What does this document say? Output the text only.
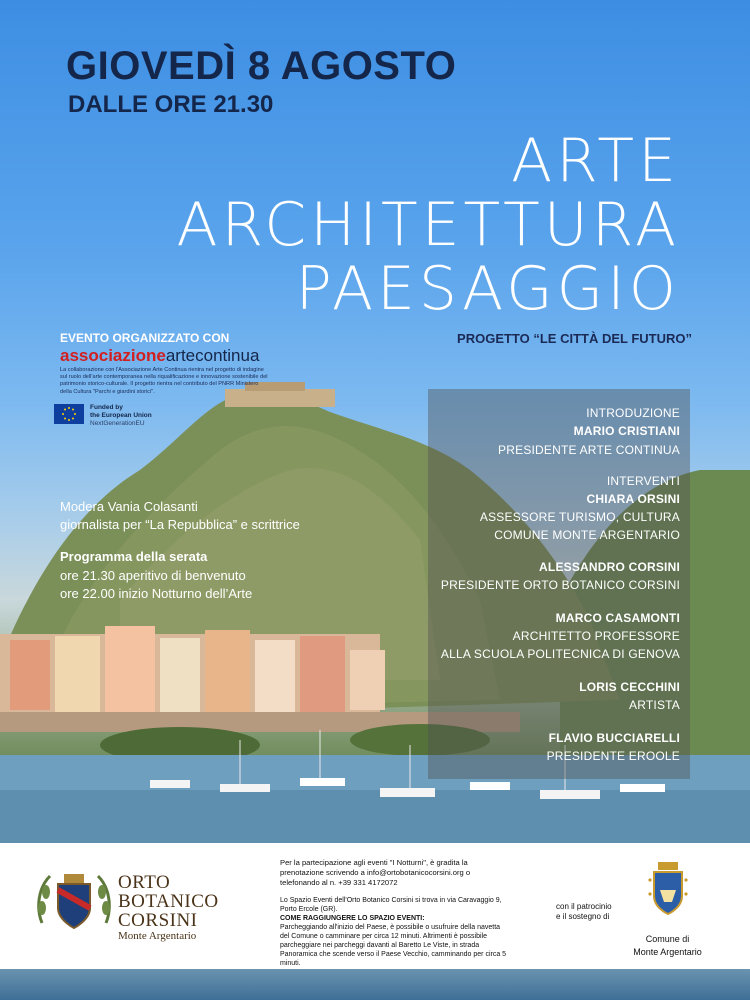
GIOVEDÌ 8 AGOSTO
DALLE ORE 21.30
ARTE
ARCHITETTURA
PAESAGGIO
PROGETTO “LE CITTÀ DEL FUTURO”
EVENTO ORGANIZZATO CON
associazioneartecontinua
La collaborazione con l'Associazione Arte Continua rientra nel progetto di indagine sul ruolo dell'arte contemporanea nella riqualificazione e innovazione sostenibile del patrimonio storico-culturale. Il progetto rientra nel contributo del PNRR Ministero della Cultura "Parchi e giardini storici".
Funded by
the European Union
NextGenerationEU
Modera Vania Colasanti
giornalista per “La Repubblica” e scrittrice
Programma della serata
ore 21.30 aperitivo di benvenuto
ore 22.00 inizio Notturno dell’Arte
INTRODUZIONE
MARIO CRISTIANI
PRESIDENTE ARTE CONTINUA
INTERVENTI
CHIARA ORSINI
ASSESSORE TURISMO, CULTURA
COMUNE MONTE ARGENTARIO
ALESSANDRO CORSINI
PRESIDENTE ORTO BOTANICO CORSINI
MARCO CASAMONTI
ARCHITETTO PROFESSORE
ALLA SCUOLA POLITECNICA DI GENOVA
LORIS CECCHINI
ARTISTA
FLAVIO BUCCIARELLI
PRESIDENTE EROOLE
ORTO
BOTANICO
CORSINI
Monte Argentario
Per la partecipazione agli eventi "I Notturni", è gradita la prenotazione scrivendo a info@ortobotanicocorsini.org o telefonando al n. +39 331 4172072
Lo Spazio Eventi dell'Orto Botanico Corsini si trova in via Caravaggio 9, Porto Ercole (GR).
COME RAGGIUNGERE LO SPAZIO EVENTI:
Parcheggiando all'inizio del Paese, è possibile o usufruire della navetta del Comune o camminare per circa 12 minuti. Altrimenti è possibile parcheggiare nei parcheggi davanti al Baretto Le Viste, in strada Panoramica che scende verso il Paese Vecchio, camminando per circa 5 minuti.
con il patrocinio
e il sostegno di
Comune di
Monte Argentario
